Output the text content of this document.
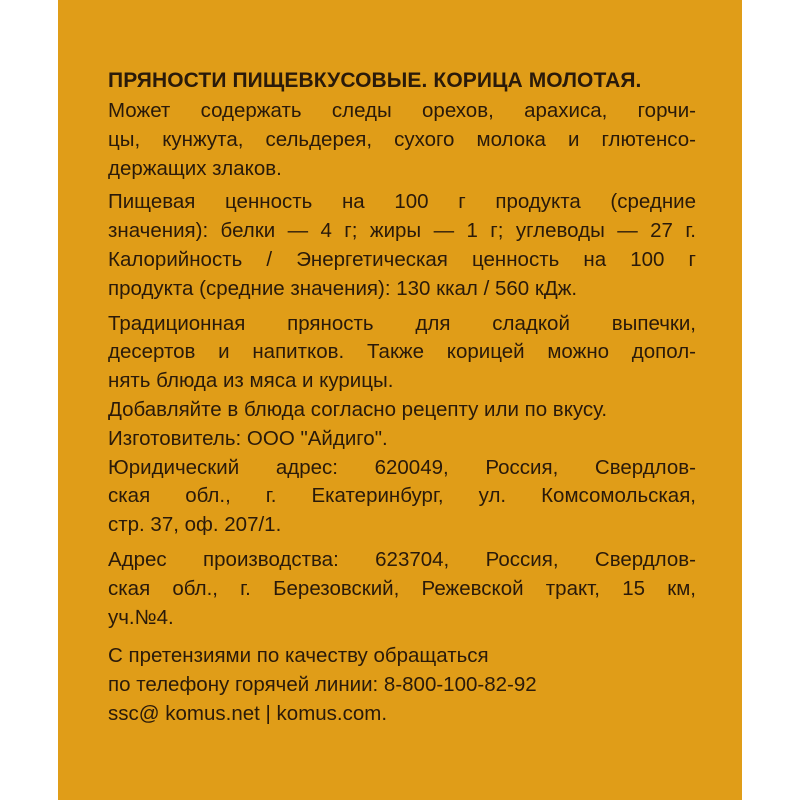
ПРЯНОСТИ ПИЩЕВКУСОВЫЕ. КОРИЦА МОЛОТАЯ.
Может содержать следы орехов, арахиса, горчи-
цы, кунжута, сельдерея, сухого молока и глютенсо-
держащих злаков.
Пищевая ценность на 100 г продукта (средние
значения): белки — 4 г; жиры — 1 г; углеводы — 27 г.
Калорийность / Энергетическая ценность на 100 г
продукта (средние значения): 130 ккал / 560 кДж.
Традиционная пряность для сладкой выпечки,
десертов и напитков. Также корицей можно допол-
нять блюда из мяса и курицы.
Добавляйте в блюда согласно рецепту или по вкусу.
Изготовитель: ООО "Айдиго".
Юридический адрес: 620049, Россия, Свердлов-
ская обл., г. Екатеринбург, ул. Комсомольская,
стр. 37, оф. 207/1.
Адрес производства: 623704, Россия, Свердлов-
ская обл., г. Березовский, Режевской тракт, 15 км,
уч.№4.
С претензиями по качеству обращаться
по телефону горячей линии: 8-800-100-82-92
ssc@ komus.net | komus.com.
